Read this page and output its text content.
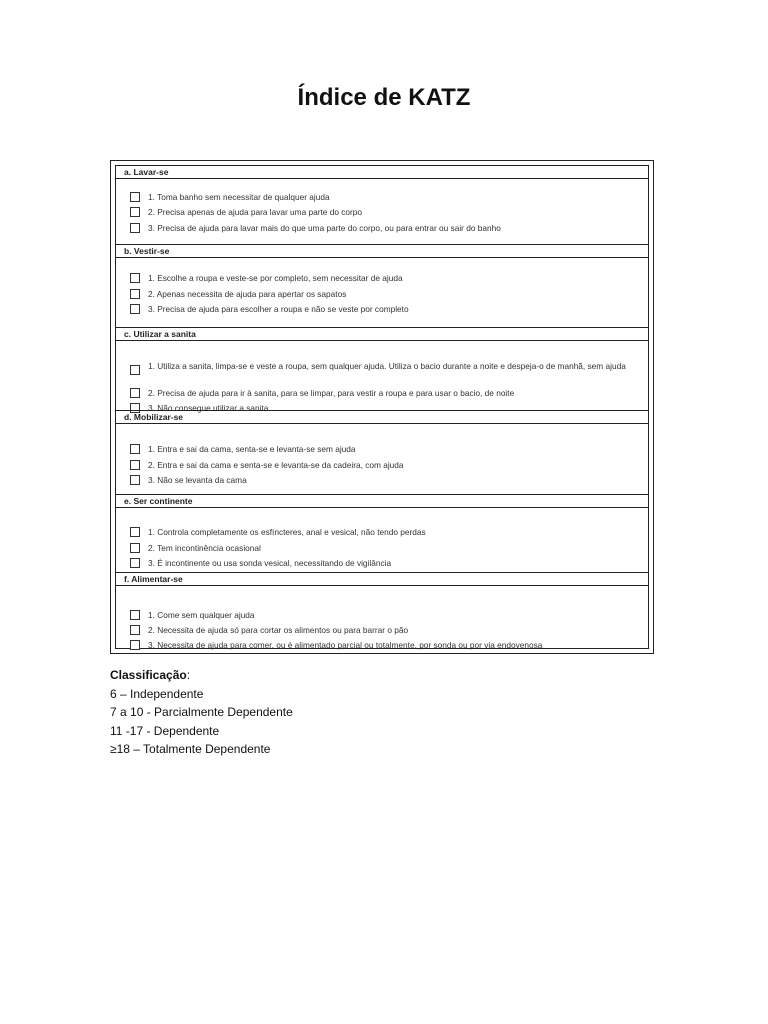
Índice de KATZ
a. Lavar-se
1. Toma banho sem necessitar de qualquer ajuda
2. Precisa apenas de ajuda para lavar uma parte do corpo
3. Precisa de ajuda para lavar mais do que uma parte do corpo, ou para entrar ou sair do banho
b. Vestir-se
1. Escolhe a roupa e veste-se por completo, sem necessitar de ajuda
2. Apenas necessita de ajuda para apertar os sapatos
3. Precisa de ajuda para escolher a roupa e não se veste por completo
c. Utilizar a sanita
1. Utiliza a sanita, limpa-se e veste a roupa, sem qualquer ajuda. Utiliza o bacio durante a noite e despeja-o de manhã, sem ajuda
2. Precisa de ajuda para ir à sanita, para se limpar, para vestir a roupa e para usar o bacio, de noite
3. Não consegue utilizar a sanita
d. Mobilizar-se
1. Entra e sai da cama, senta-se e levanta-se sem ajuda
2. Entra e sai da cama e senta-se e levanta-se da cadeira, com ajuda
3. Não se levanta da cama
e. Ser continente
1. Controla completamente os esfíncteres, anal e vesical, não tendo perdas
2. Tem incontinência ocasional
3. É incontinente ou usa sonda vesical, necessitando de vigilância
f. Alimentar-se
1. Come sem qualquer ajuda
2. Necessita de ajuda só para cortar os alimentos ou para barrar o pão
3. Necessita de ajuda para comer, ou é alimentado parcial ou totalmente, por sonda ou por via endovenosa
Classificação:
6 – Independente
7 a 10 - Parcialmente Dependente
11 -17 - Dependente
≥18 – Totalmente Dependente
